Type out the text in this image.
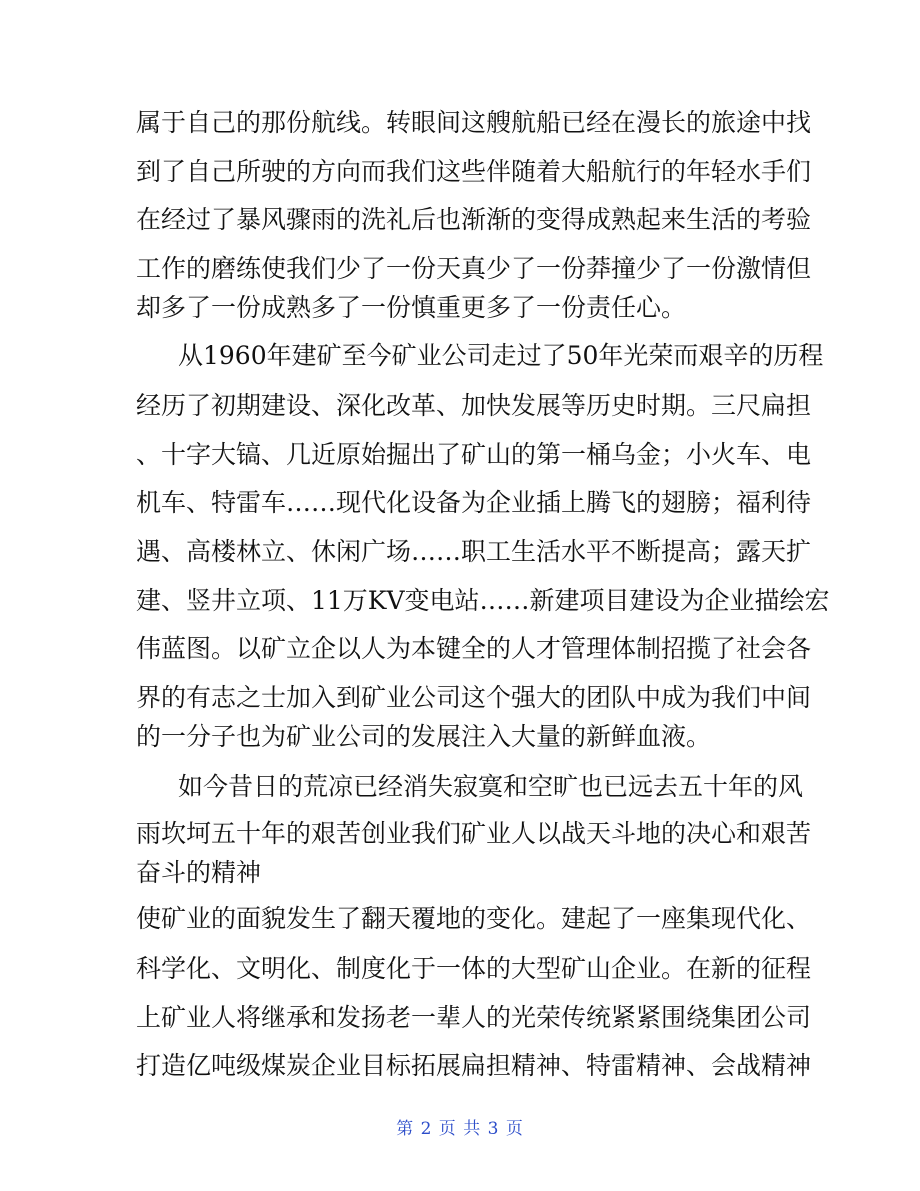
属于自己的那份航线。转眼间这艘航船已经在漫长的旅途中找
到了自己所驶的方向而我们这些伴随着大船航行的年轻水手们
在经过了暴风骤雨的洗礼后也渐渐的变得成熟起来生活的考验
工作的磨练使我们少了一份天真少了一份莽撞少了一份激情但
却多了一份成熟多了一份慎重更多了一份责任心。
从1960年建矿至今矿业公司走过了50年光荣而艰辛的历程
经历了初期建设、深化改革、加快发展等历史时期。三尺扁担
、十字大镐、几近原始掘出了矿山的第一桶乌金；小火车、电
机车、特雷车……现代化设备为企业插上腾飞的翅膀；福利待
遇、高楼林立、休闲广场……职工生活水平不断提高；露天扩
建、竖井立项、11万KV变电站……新建项目建设为企业描绘宏
伟蓝图。以矿立企以人为本键全的人才管理体制招揽了社会各
界的有志之士加入到矿业公司这个强大的团队中成为我们中间
的一分子也为矿业公司的发展注入大量的新鲜血液。
如今昔日的荒凉已经消失寂寞和空旷也已远去五十年的风
雨坎坷五十年的艰苦创业我们矿业人以战天斗地的决心和艰苦
奋斗的精神
使矿业的面貌发生了翻天覆地的变化。建起了一座集现代化、
科学化、文明化、制度化于一体的大型矿山企业。在新的征程
上矿业人将继承和发扬老一辈人的光荣传统紧紧围绕集团公司
打造亿吨级煤炭企业目标拓展扁担精神、特雷精神、会战精神
第 2 页 共 3 页
